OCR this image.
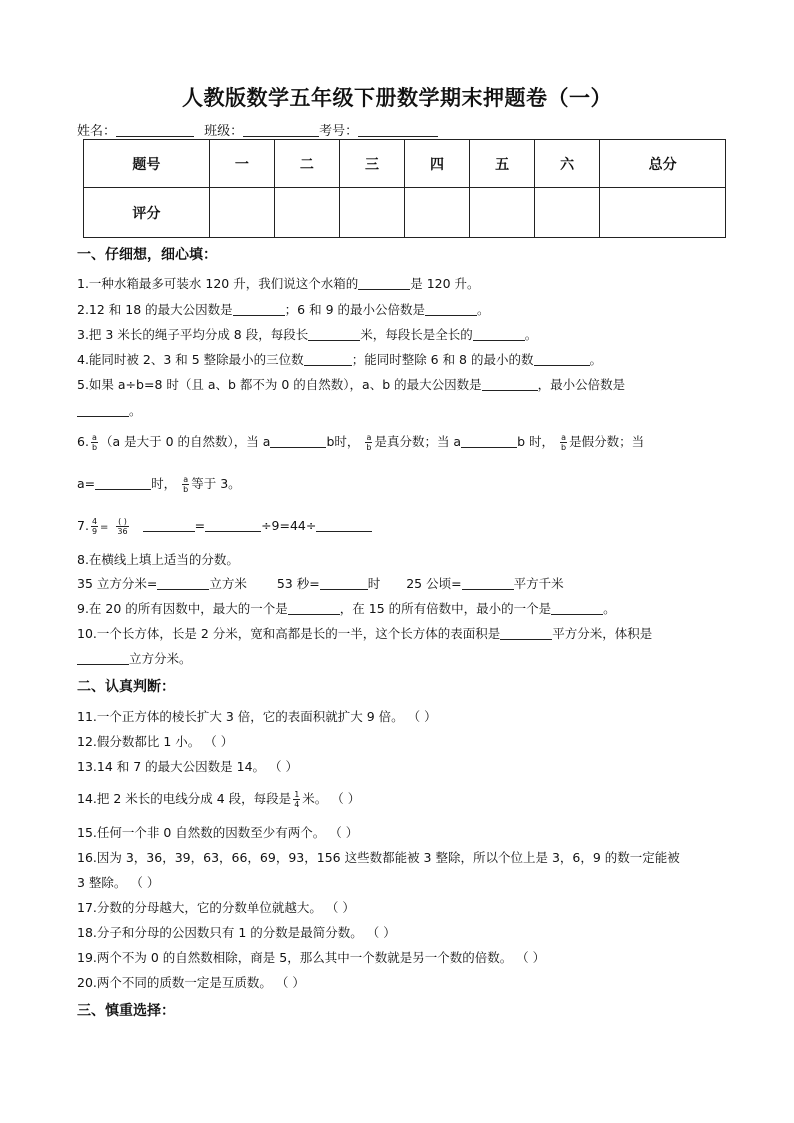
人教版数学五年级下册数学期末押题卷（一）
姓名：	班级：	考号：
题号	一	二	三	四	五	六	总分
评分							
一、仔细想，细心填：
1.一种水箱最多可装水 120 升，我们说这个水箱的	是 120 升。
2.12 和 18 的最大公因数是	；6 和 9 的最小公倍数是	。
3.把 3 米长的绳子平均分成 8 段，每段长	米，每段长是全长的	。
4.能同时被 2、3 和 5 整除最小的三位数	；能同时整除 6 和 8 的最小的数	。
5.如果 a÷b=8 时（且 a、b 都不为 0 的自然数），a、b 的最大公因数是	，最小公倍数是
。
6. $\frac{a}{b} (a$ 是大于 0 的自然数），当 a	b时， $\frac{a}{b}$ 是真分数；当 a	b 时， $\frac{a}{b}$ 是假分数；当
a=	时， $\frac{a}{b}$ 等于 3。
7. $\frac{4}{9} = \frac{( )}{36}$	=	÷9=44÷
8.在横线上填上适当的分数。
35 立方分米=	立方米 53 秒=	时 25 公顷=	平方千米
9.在 20 的所有因数中，最大的一个是	，在 15 的所有倍数中，最小的一个是	。
10.一个长方体，长是 2 分米，宽和高都是长的一半，这个长方体的表面积是	平方分米，体积是
立方分米。
二、认真判断：
11.一个正方体的棱长扩大 3 倍，它的表面积就扩大 9 倍。 （ ）
12.假分数都比 1 小。 （ ）
13.14 和 7 的最大公因数是 14。 （ ）
14.把 2 米长的电线分成 4 段，每段是 $\frac{1}{4}$ 米。 （ ）
15.任何一个非 0 自然数的因数至少有两个。 （ ）
16.因为 3，36，39，63，66，69，93，156 这些数都能被 3 整除，所以个位上是 3，6，9 的数一定能被
3 整除。 （ ）
17.分数的分母越大，它的分数单位就越大。 （ ）
18.分子和分母的公因数只有 1 的分数是最简分数。 （ ）
19.两个不为 0 的自然数相除，商是 5，那么其中一个数就是另一个数的倍数。 （ ）
20.两个不同的质数一定是互质数。 （ ）
三、慎重选择：
